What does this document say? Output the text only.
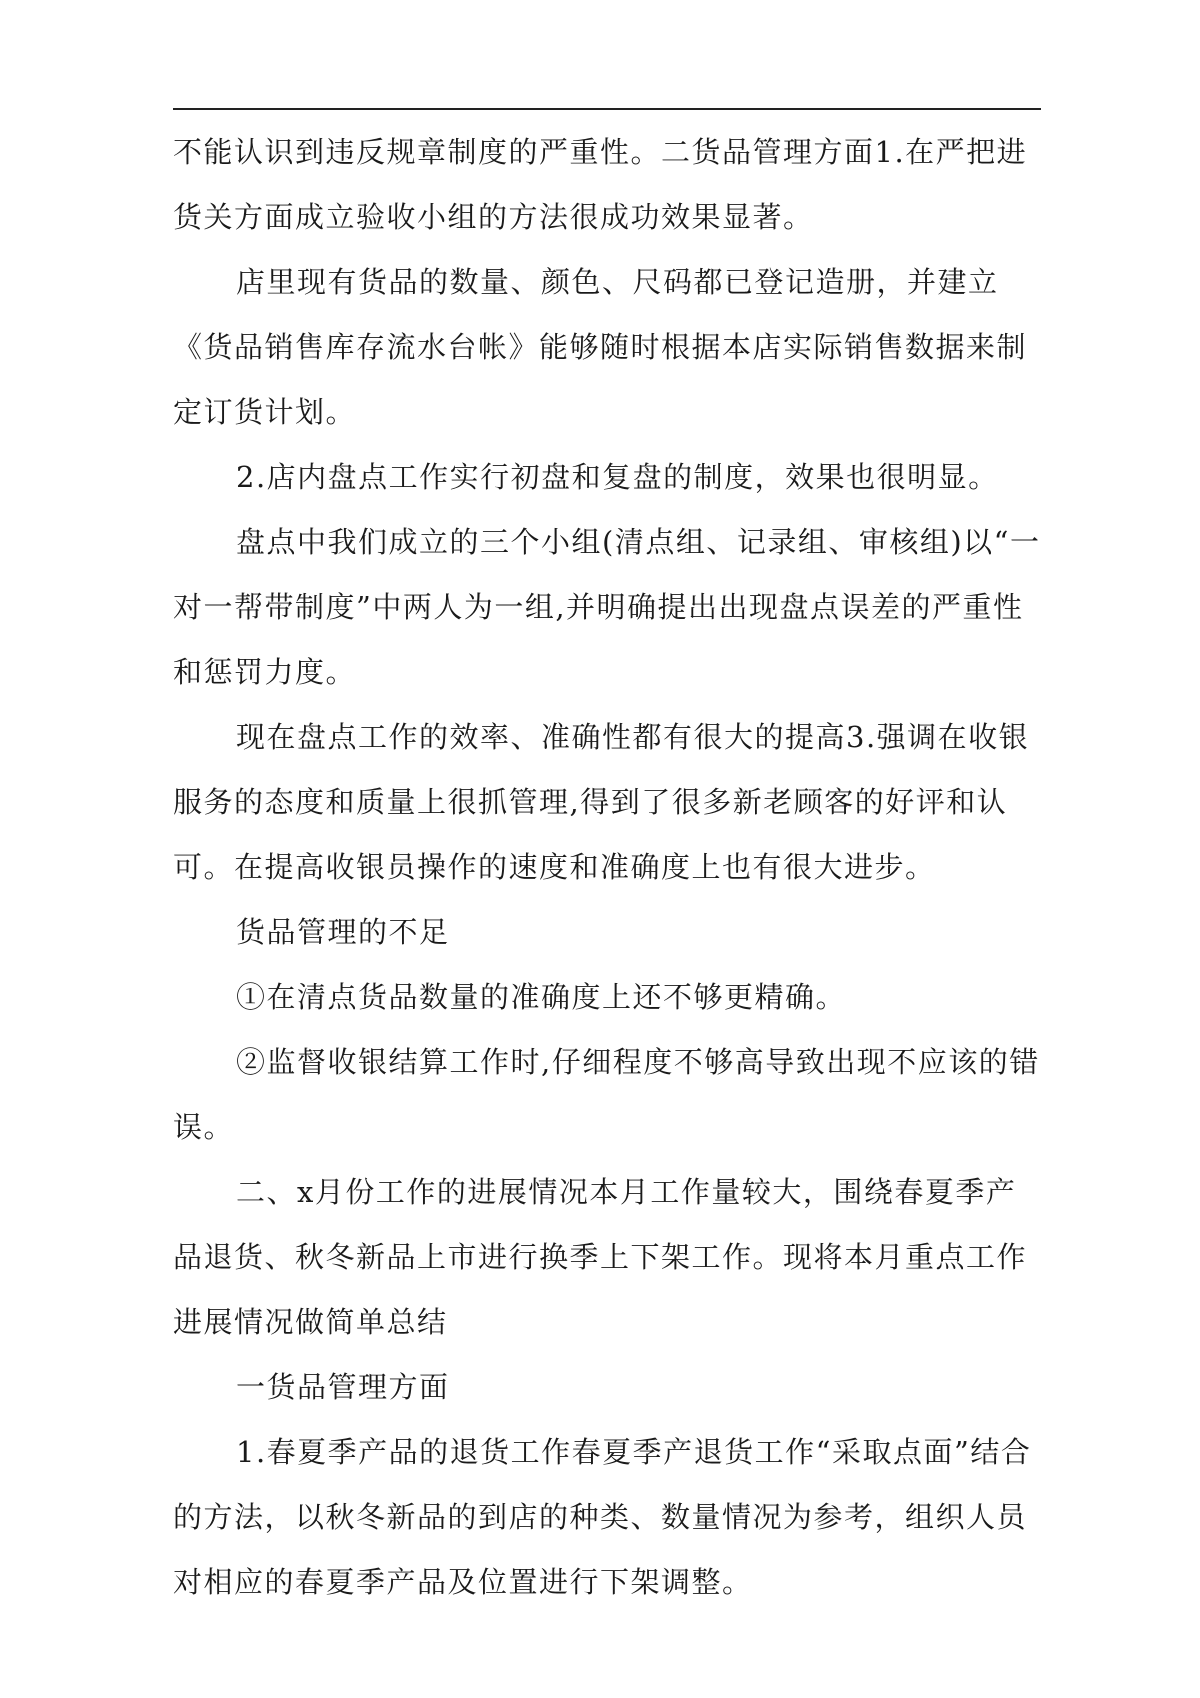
不能认识到违反规章制度的严重性。二货品管理方面1.在严把进货关方面成立验收小组的方法很成功效果显著。

店里现有货品的数量、颜色、尺码都已登记造册，并建立《货品销售库存流水台帐》能够随时根据本店实际销售数据来制定订货计划。

2.店内盘点工作实行初盘和复盘的制度，效果也很明显。

盘点中我们成立的三个小组(清点组、记录组、审核组)以“一对一帮带制度”中两人为一组,并明确提出出现盘点误差的严重性和惩罚力度。

现在盘点工作的效率、准确性都有很大的提高3.强调在收银服务的态度和质量上很抓管理,得到了很多新老顾客的好评和认可。在提高收银员操作的速度和准确度上也有很大进步。

货品管理的不足

①在清点货品数量的准确度上还不够更精确。

②监督收银结算工作时,仔细程度不够高导致出现不应该的错误。

二、x月份工作的进展情况本月工作量较大，围绕春夏季产品退货、秋冬新品上市进行换季上下架工作。现将本月重点工作进展情况做简单总结

一货品管理方面

1.春夏季产品的退货工作春夏季产退货工作“采取点面”结合的方法，以秋冬新品的到店的种类、数量情况为参考，组织人员对相应的春夏季产品及位置进行下架调整。
